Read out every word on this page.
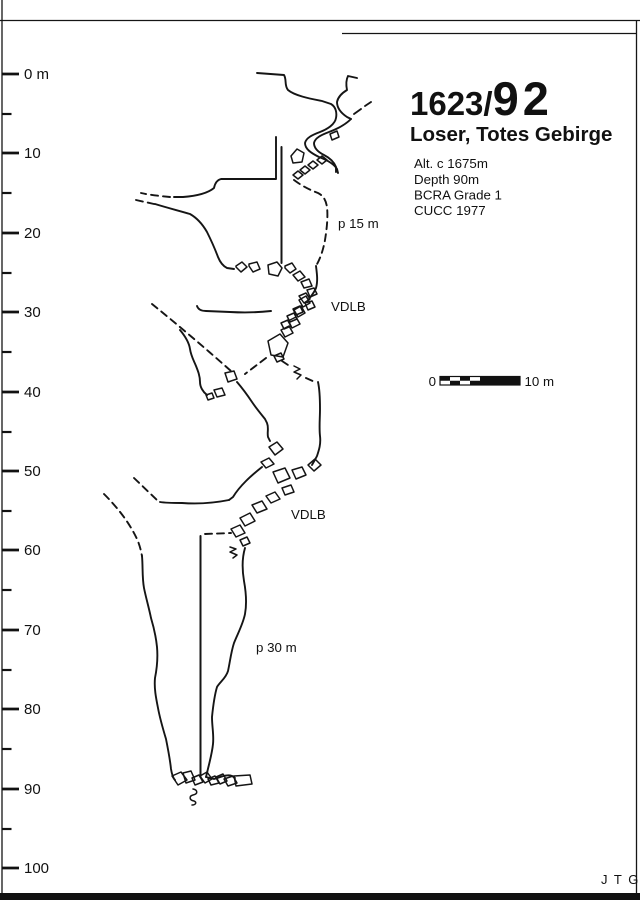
0 m
10
20
30
40
50
60
70
80
90
100
1623/92
Loser, Totes Gebirge
Alt. c 1675m
Depth 90m
BCRA Grade 1
CUCC 1977
0	10 m
p 15 m
VDLB
VDLB
p 30 m
J T G
